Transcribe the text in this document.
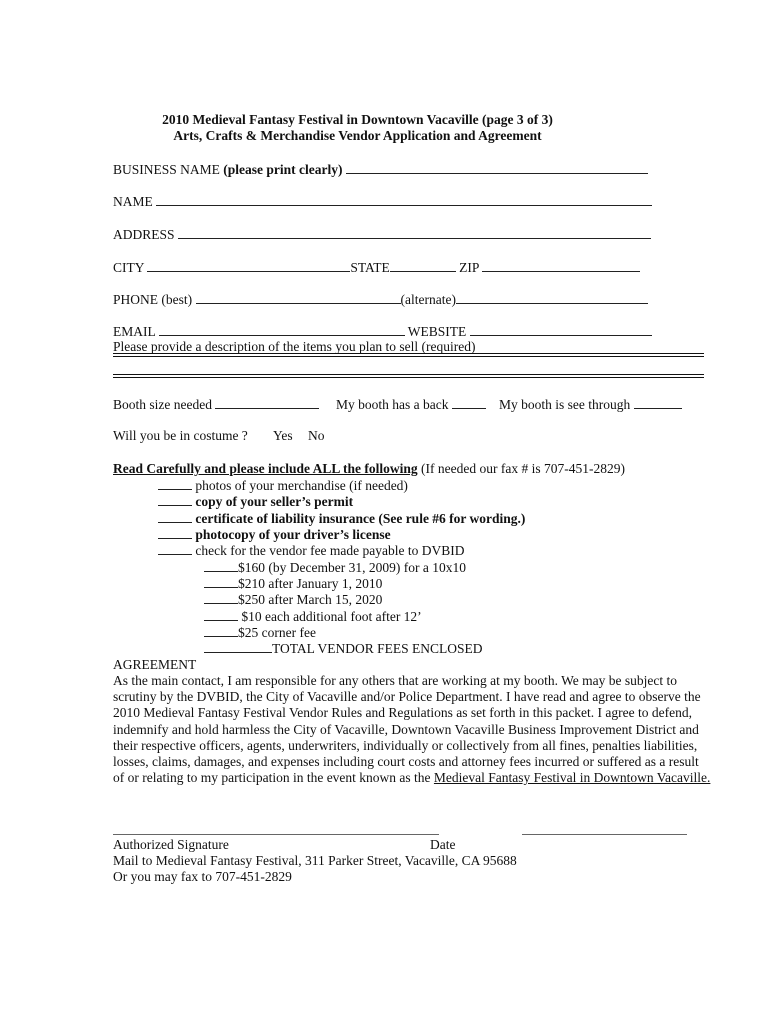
2010 Medieval Fantasy Festival in Downtown Vacaville (page 3 of 3)
Arts, Crafts & Merchandise Vendor Application and Agreement
BUSINESS NAME (please print clearly)
NAME
ADDRESS
CITY	STATE	ZIP
PHONE (best)	(alternate)
EMAIL	WEBSITE
Please provide a description of the items you plan to sell (required)
Booth size needed	My booth has a back	My booth is see through
Will you be in costume ? Yes No
Read Carefully and please include ALL the following (If needed our fax # is 707-451-2829)
photos of your merchandise (if needed)
copy of your seller’s permit
certificate of liability insurance (See rule #6 for wording.)
photocopy of your driver’s license
check for the vendor fee made payable to DVBID
$160 (by December 31, 2009) for a 10x10
$210 after January 1, 2010
$250 after March 15, 2020
$10 each additional foot after 12’
$25 corner fee
TOTAL VENDOR FEES ENCLOSED
AGREEMENT
As the main contact, I am responsible for any others that are working at my booth. We may be subject to scrutiny by the DVBID, the City of Vacaville and/or Police Department. I have read and agree to observe the 2010 Medieval Fantasy Festival Vendor Rules and Regulations as set forth in this packet. I agree to defend, indemnify and hold harmless the City of Vacaville, Downtown Vacaville Business Improvement District and their respective officers, agents, underwriters, individually or collectively from all fines, penalties liabilities, losses, claims, damages, and expenses including court costs and attorney fees incurred or suffered as a result of or relating to my participation in the event known as the Medieval Fantasy Festival in Downtown Vacaville.
Authorized Signature	Date
Mail to Medieval Fantasy Festival, 311 Parker Street, Vacaville, CA 95688
Or you may fax to 707-451-2829
